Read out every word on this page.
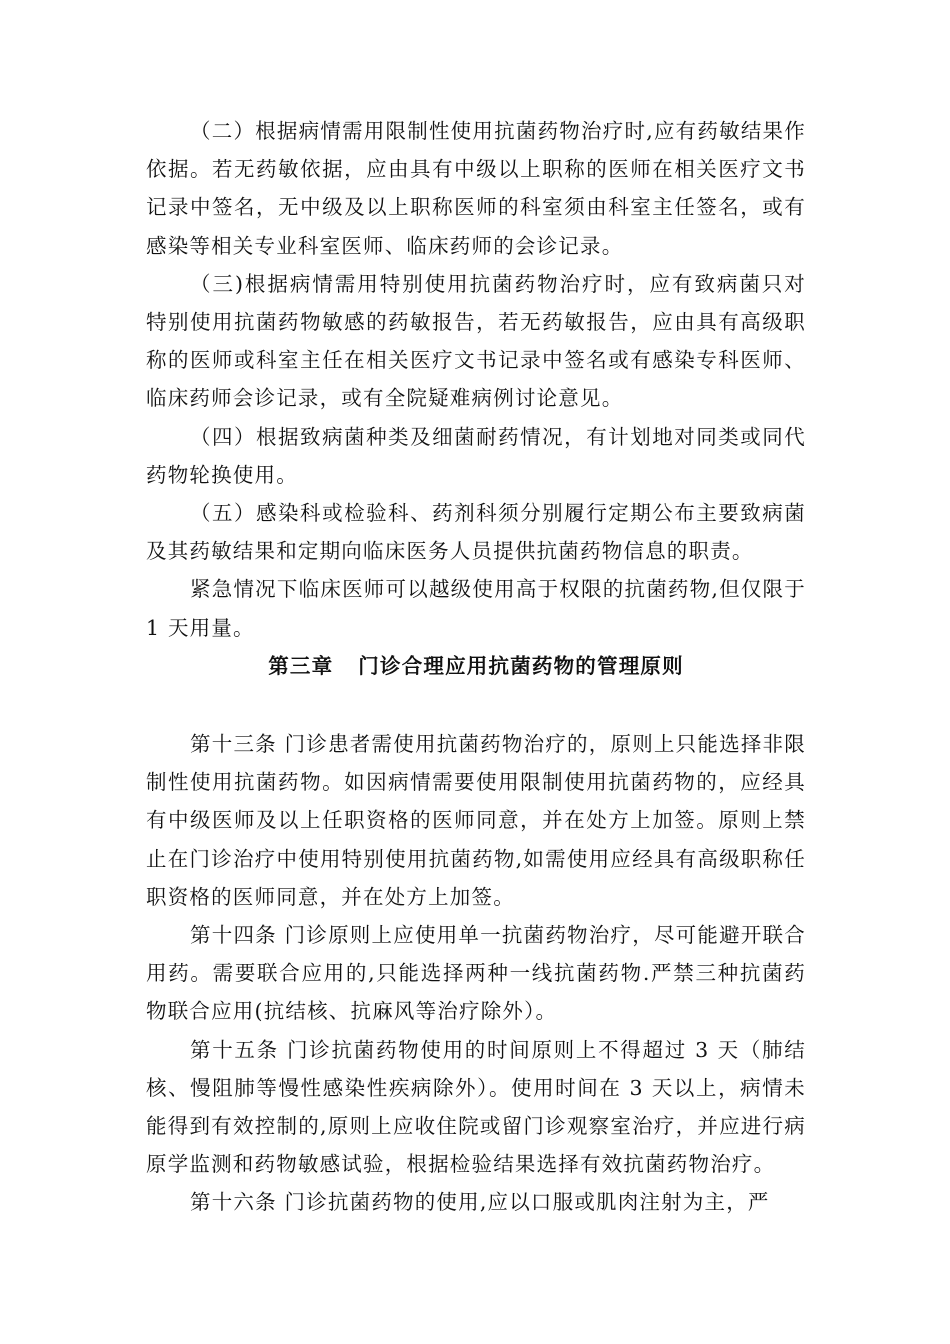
（二）根据病情需用限制性使用抗菌药物治疗时,应有药敏结果作依据。若无药敏依据，应由具有中级以上职称的医师在相关医疗文书记录中签名，无中级及以上职称医师的科室须由科室主任签名，或有感染等相关专业科室医师、临床药师的会诊记录。

（三)根据病情需用特别使用抗菌药物治疗时，应有致病菌只对特别使用抗菌药物敏感的药敏报告，若无药敏报告，应由具有高级职称的医师或科室主任在相关医疗文书记录中签名或有感染专科医师、临床药师会诊记录，或有全院疑难病例讨论意见。

（四）根据致病菌种类及细菌耐药情况，有计划地对同类或同代药物轮换使用。

（五）感染科或检验科、药剂科须分别履行定期公布主要致病菌及其药敏结果和定期向临床医务人员提供抗菌药物信息的职责。

紧急情况下临床医师可以越级使用高于权限的抗菌药物,但仅限于 1 天用量。

第三章   门诊合理应用抗菌药物的管理原则

第十三条 门诊患者需使用抗菌药物治疗的，原则上只能选择非限制性使用抗菌药物。如因病情需要使用限制使用抗菌药物的，应经具有中级医师及以上任职资格的医师同意，并在处方上加签。原则上禁止在门诊治疗中使用特别使用抗菌药物,如需使用应经具有高级职称任职资格的医师同意，并在处方上加签。

第十四条 门诊原则上应使用单一抗菌药物治疗，尽可能避开联合用药。需要联合应用的,只能选择两种一线抗菌药物.严禁三种抗菌药物联合应用(抗结核、抗麻风等治疗除外）。

第十五条 门诊抗菌药物使用的时间原则上不得超过 3 天（肺结核、慢阻肺等慢性感染性疾病除外）。使用时间在 3 天以上，病情未能得到有效控制的,原则上应收住院或留门诊观察室治疗，并应进行病原学监测和药物敏感试验，根据检验结果选择有效抗菌药物治疗。

第十六条 门诊抗菌药物的使用,应以口服或肌肉注射为主，严
